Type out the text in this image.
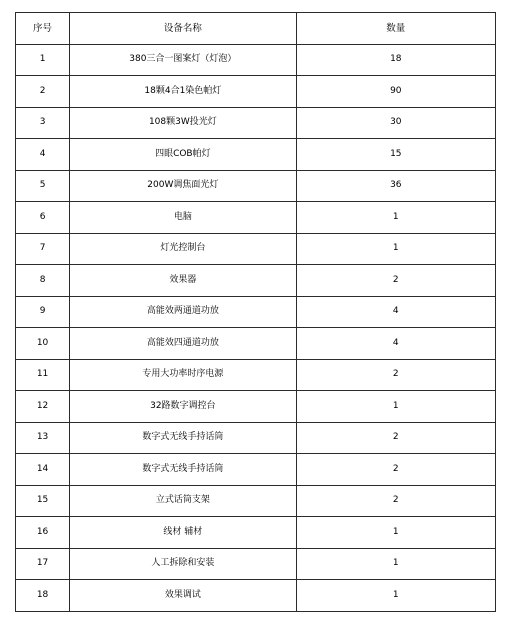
序号	设备名称	数量
1	380三合一图案灯（灯泡）	18
2	18颗4合1染色帕灯	90
3	108颗3W投光灯	30
4	四眼COB帕灯	15
5	200W调焦面光灯	36
6	电脑	1
7	灯光控制台	1
8	效果器	2
9	高能效两通道功放	4
10	高能效四通道功放	4
11	专用大功率时序电源	2
12	32路数字调控台	1
13	数字式无线手持话筒	2
14	数字式无线手持话筒	2
15	立式话筒支架	2
16	线材 辅材	1
17	人工拆除和安装	1
18	效果调试	1
